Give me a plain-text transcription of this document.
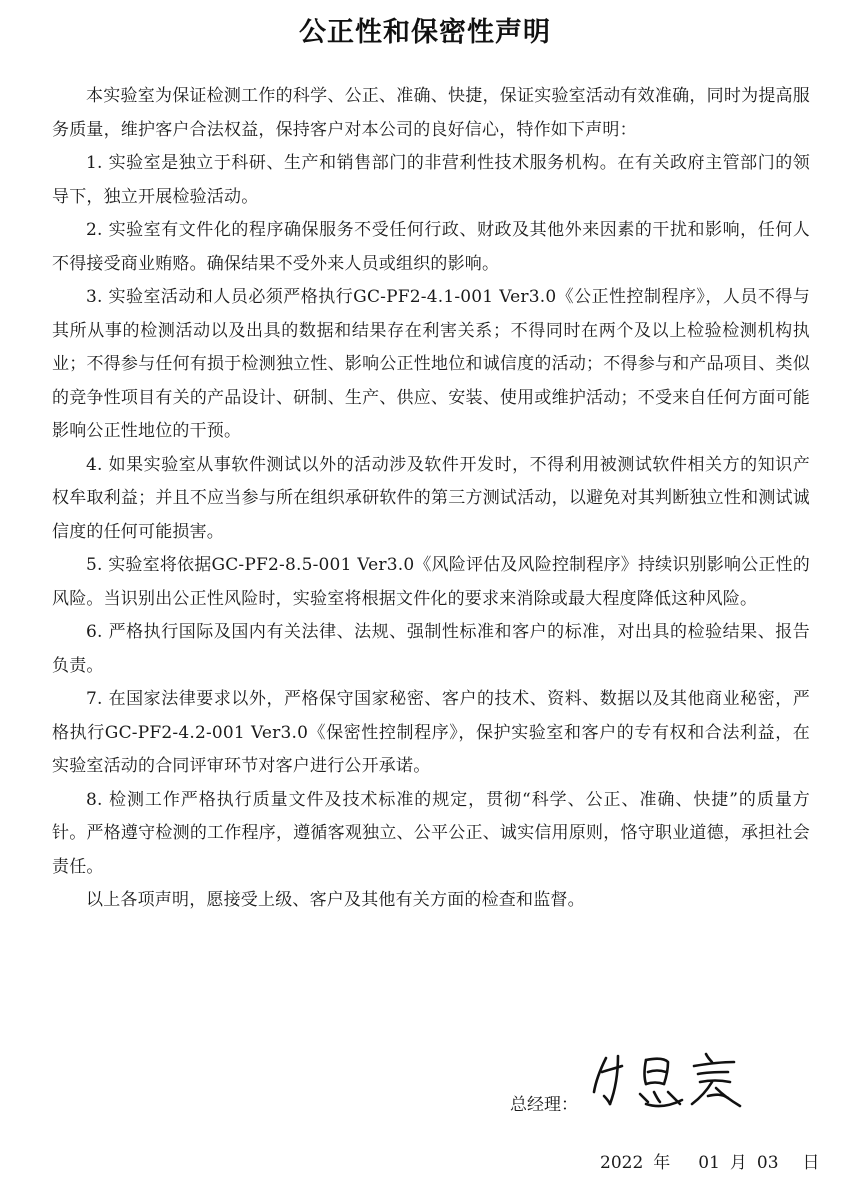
公正性和保密性声明

本实验室为保证检测工作的科学、公正、准确、快捷，保证实验室活动有效准确，同时为提高服务质量，维护客户合法权益，保持客户对本公司的良好信心，特作如下声明：

1. 实验室是独立于科研、生产和销售部门的非营利性技术服务机构。在有关政府主管部门的领导下，独立开展检验活动。

2. 实验室有文件化的程序确保服务不受任何行政、财政及其他外来因素的干扰和影响，任何人不得接受商业贿赂。确保结果不受外来人员或组织的影响。

3. 实验室活动和人员必须严格执行GC-PF2-4.1-001 Ver3.0《公正性控制程序》，人员不得与其所从事的检测活动以及出具的数据和结果存在利害关系；不得同时在两个及以上检验检测机构执业；不得参与任何有损于检测独立性、影响公正性地位和诚信度的活动；不得参与和产品项目、类似的竞争性项目有关的产品设计、研制、生产、供应、安装、使用或维护活动；不受来自任何方面可能影响公正性地位的干预。

4. 如果实验室从事软件测试以外的活动涉及软件开发时，不得利用被测试软件相关方的知识产权牟取利益；并且不应当参与所在组织承研软件的第三方测试活动，以避免对其判断独立性和测试诚信度的任何可能损害。

5. 实验室将依据GC-PF2-8.5-001 Ver3.0《风险评估及风险控制程序》持续识别影响公正性的风险。当识别出公正性风险时，实验室将根据文件化的要求来消除或最大程度降低这种风险。

6. 严格执行国际及国内有关法律、法规、强制性标准和客户的标准，对出具的检验结果、报告负责。

7. 在国家法律要求以外，严格保守国家秘密、客户的技术、资料、数据以及其他商业秘密，严格执行GC-PF2-4.2-001 Ver3.0《保密性控制程序》，保护实验室和客户的专有权和合法利益，在实验室活动的合同评审环节对客户进行公开承诺。

8. 检测工作严格执行质量文件及技术标准的规定，贯彻“科学、公正、准确、快捷”的质量方针。严格遵守检测的工作程序，遵循客观独立、公平公正、诚实信用原则，恪守职业道德，承担社会责任。

以上各项声明，愿接受上级、客户及其他有关方面的检查和监督。

总经理：
2022 年 01 月 03 日
